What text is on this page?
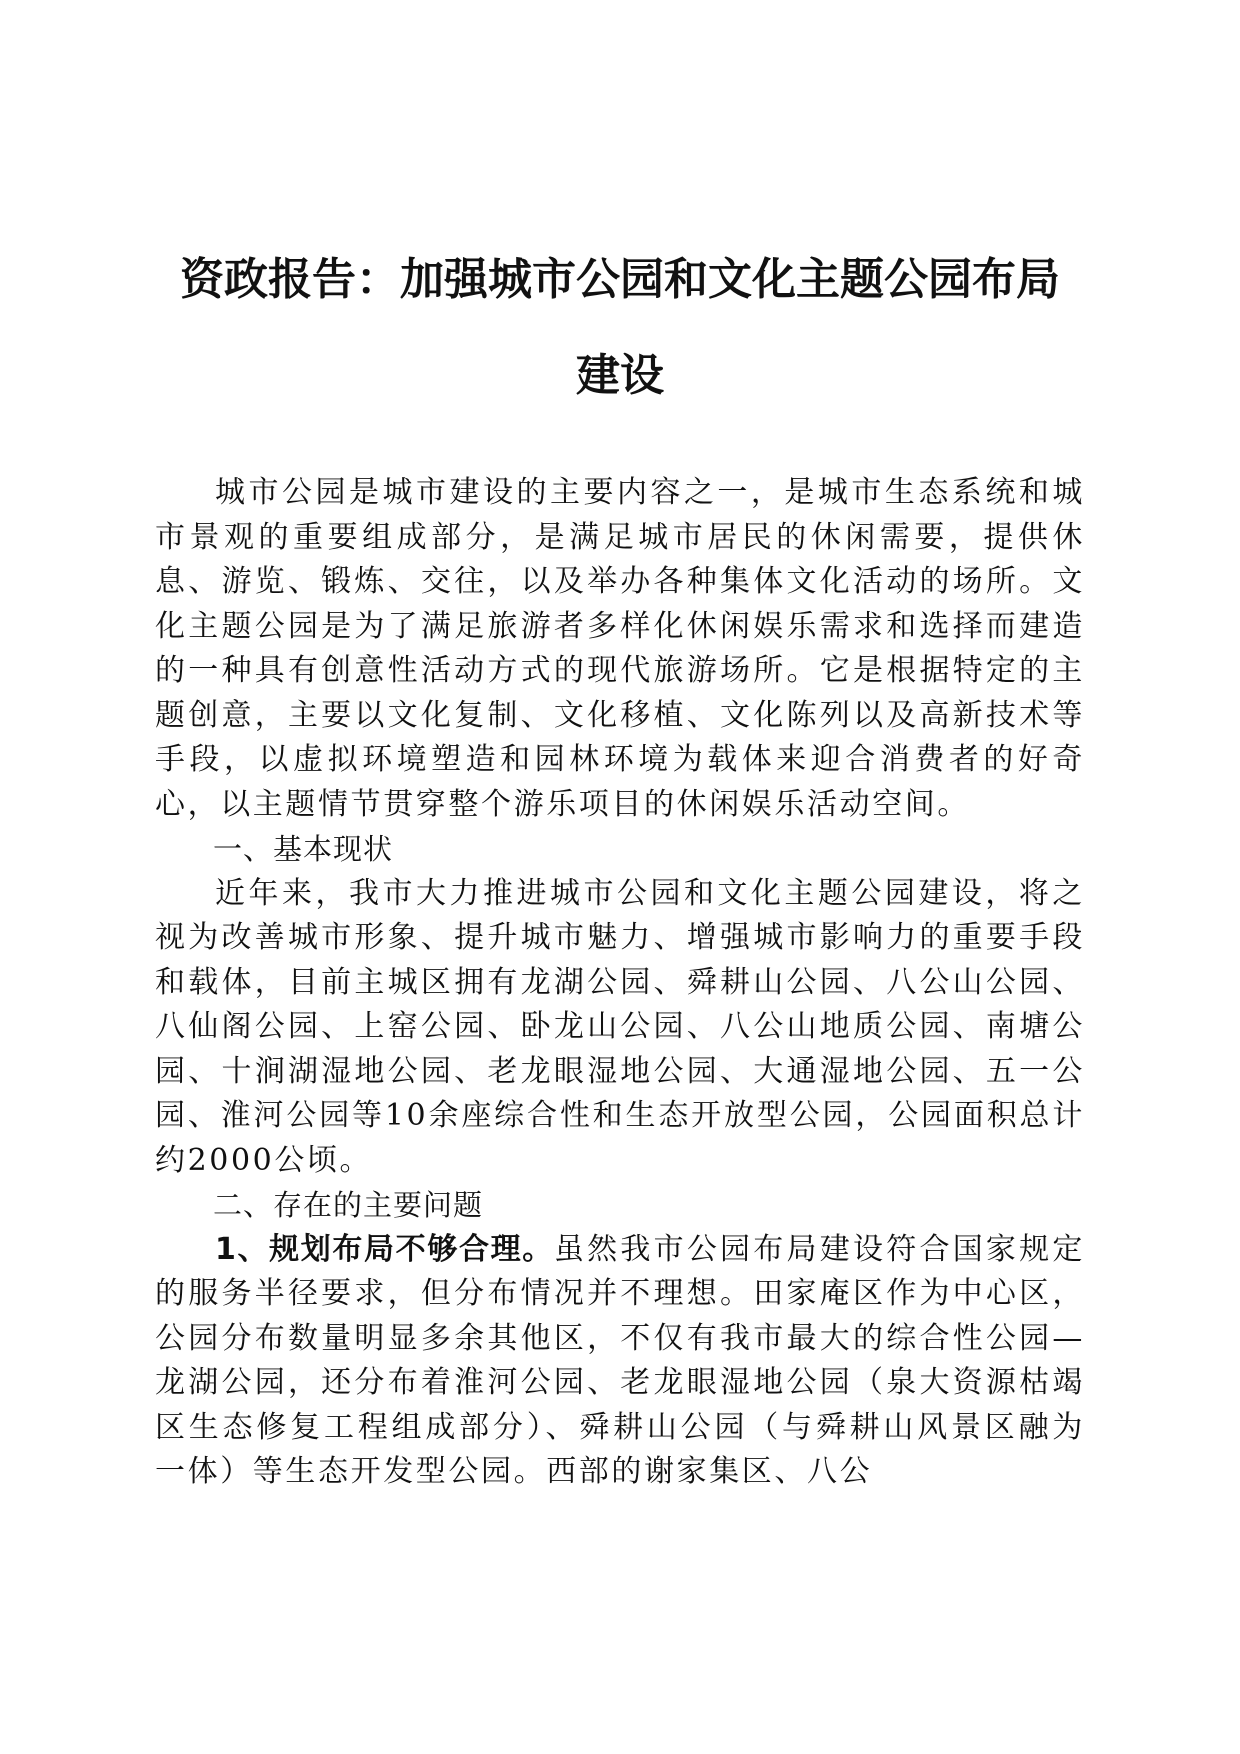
资政报告：加强城市公园和文化主题公园布局
建设

城市公园是城市建设的主要内容之一，是城市生态系统和城市景观的重要组成部分，是满足城市居民的休闲需要，提供休息、游览、锻炼、交往，以及举办各种集体文化活动的场所。文化主题公园是为了满足旅游者多样化休闲娱乐需求和选择而建造的一种具有创意性活动方式的现代旅游场所。它是根据特定的主题创意，主要以文化复制、文化移植、文化陈列以及高新技术等手段，以虚拟环境塑造和园林环境为载体来迎合消费者的好奇心，以主题情节贯穿整个游乐项目的休闲娱乐活动空间。

一、基本现状

近年来，我市大力推进城市公园和文化主题公园建设，将之视为改善城市形象、提升城市魅力、增强城市影响力的重要手段和载体，目前主城区拥有龙湖公园、舜耕山公园、八公山公园、八仙阁公园、上窑公园、卧龙山公园、八公山地质公园、南塘公园、十涧湖湿地公园、老龙眼湿地公园、大通湿地公园、五一公园、淮河公园等10余座综合性和生态开放型公园，公园面积总计约2000公顷。

二、存在的主要问题

1、规划布局不够合理。虽然我市公园布局建设符合国家规定的服务半径要求，但分布情况并不理想。田家庵区作为中心区，公园分布数量明显多余其他区，不仅有我市最大的综合性公园—龙湖公园，还分布着淮河公园、老龙眼湿地公园（泉大资源枯竭区生态修复工程组成部分）、舜耕山公园（与舜耕山风景区融为一体）等生态开发型公园。西部的谢家集区、八公
